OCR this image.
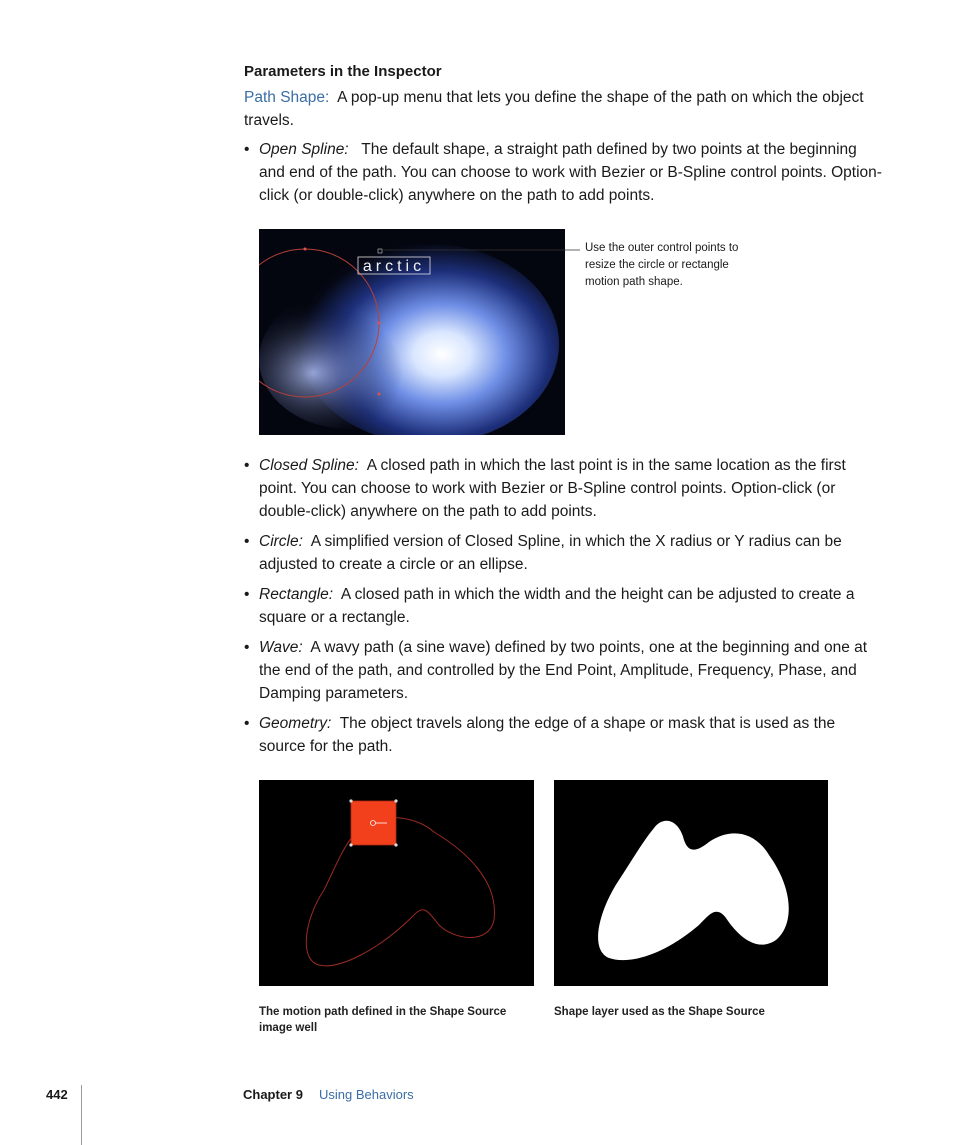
Parameters in the Inspector
Path Shape: A pop-up menu that lets you define the shape of the path on which the object travels.
• Open Spline: The default shape, a straight path defined by two points at the beginning and end of the path. You can choose to work with Bezier or B-Spline control points. Option-click (or double-click) anywhere on the path to add points.
arctic
Use the outer control points to resize the circle or rectangle motion path shape.
• Closed Spline: A closed path in which the last point is in the same location as the first point. You can choose to work with Bezier or B-Spline control points. Option-click (or double-click) anywhere on the path to add points.
• Circle: A simplified version of Closed Spline, in which the X radius or Y radius can be adjusted to create a circle or an ellipse.
• Rectangle: A closed path in which the width and the height can be adjusted to create a square or a rectangle.
• Wave: A wavy path (a sine wave) defined by two points, one at the beginning and one at the end of the path, and controlled by the End Point, Amplitude, Frequency, Phase, and Damping parameters.
• Geometry: The object travels along the edge of a shape or mask that is used as the source for the path.
The motion path defined in the Shape Source image well
Shape layer used as the Shape Source
442	Chapter 9 Using Behaviors
